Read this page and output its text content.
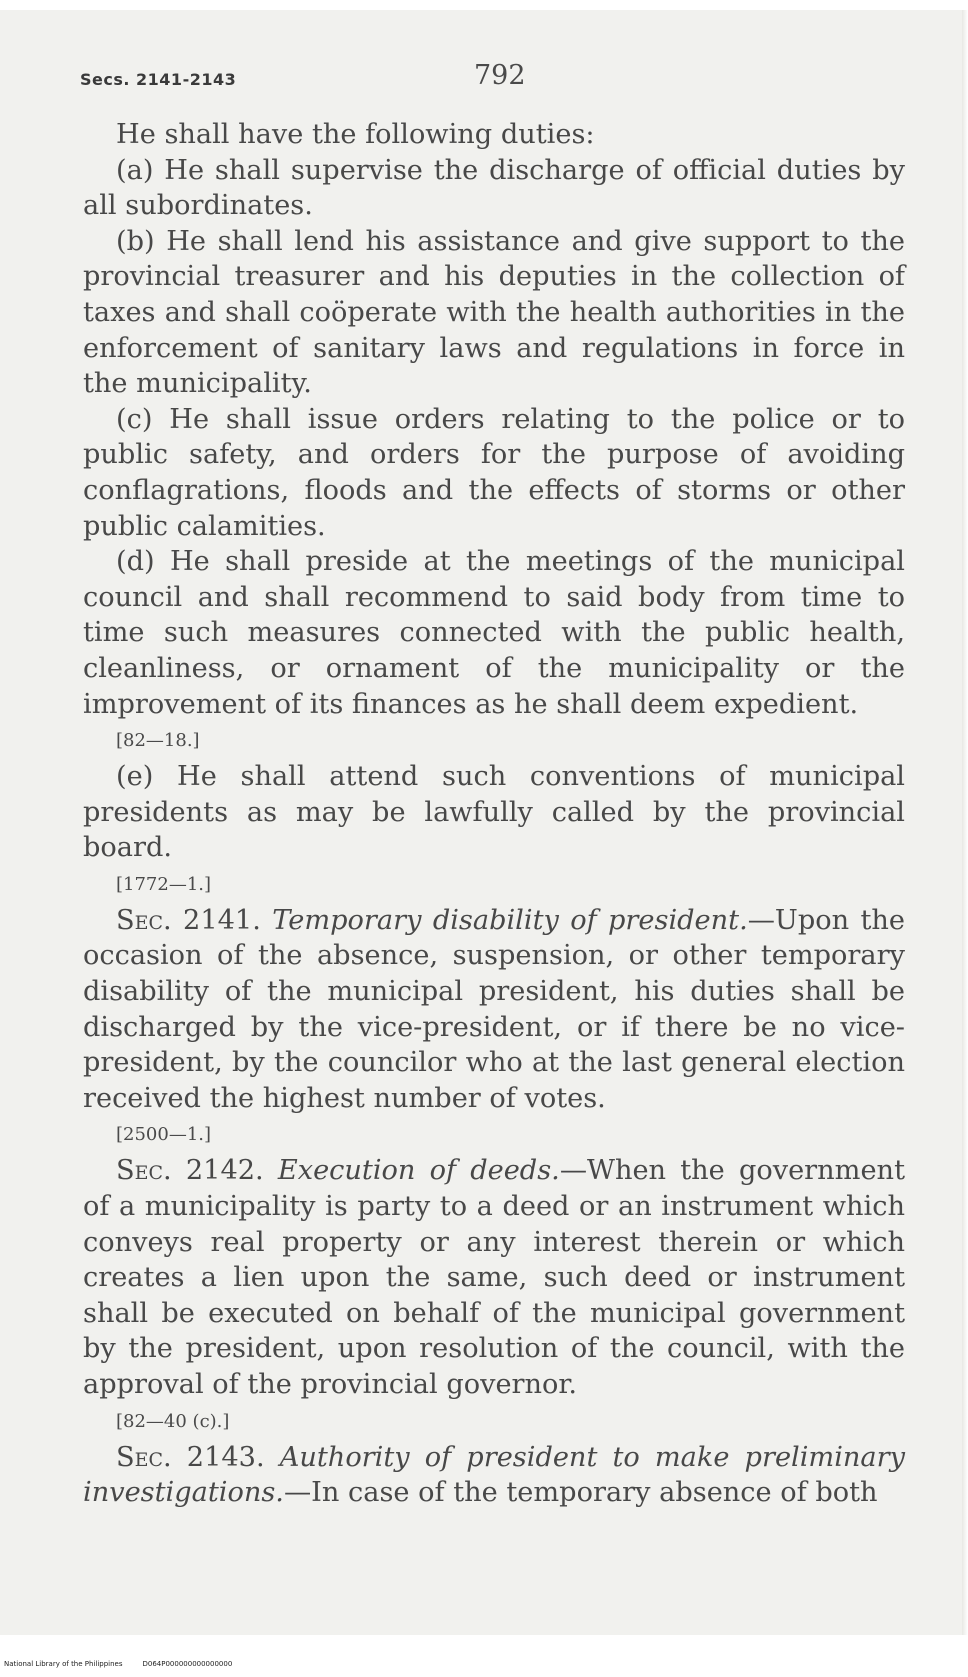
Secs. 2141-2143	792

He shall have the following duties:

(a) He shall supervise the discharge of official duties by all subordinates.

(b) He shall lend his assistance and give support to the provincial treasurer and his deputies in the collection of taxes and shall coöperate with the health authorities in the enforcement of sanitary laws and regulations in force in the municipality.

(c) He shall issue orders relating to the police or to public safety, and orders for the purpose of avoiding conflagrations, floods and the effects of storms or other public calamities.

(d) He shall preside at the meetings of the municipal council and shall recommend to said body from time to time such measures connected with the public health, cleanliness, or ornament of the municipality or the improvement of its finances as he shall deem expedient.

[82—18.]

(e) He shall attend such conventions of municipal presidents as may be lawfully called by the provincial board.

[1772—1.]

Sec. 2141. Temporary disability of president.—Upon the occasion of the absence, suspension, or other temporary disability of the municipal president, his duties shall be discharged by the vice-president, or if there be no vice-president, by the councilor who at the last general election received the highest number of votes.

[2500—1.]

Sec. 2142. Execution of deeds.—When the government of a municipality is party to a deed or an instrument which conveys real property or any interest therein or which creates a lien upon the same, such deed or instrument shall be executed on behalf of the municipal government by the president, upon resolution of the council, with the approval of the provincial governor.

[82—40 (c).]

Sec. 2143. Authority of president to make preliminary investigations.—In case of the temporary absence of both

National Library of the Philippines	D064P000000000000000
